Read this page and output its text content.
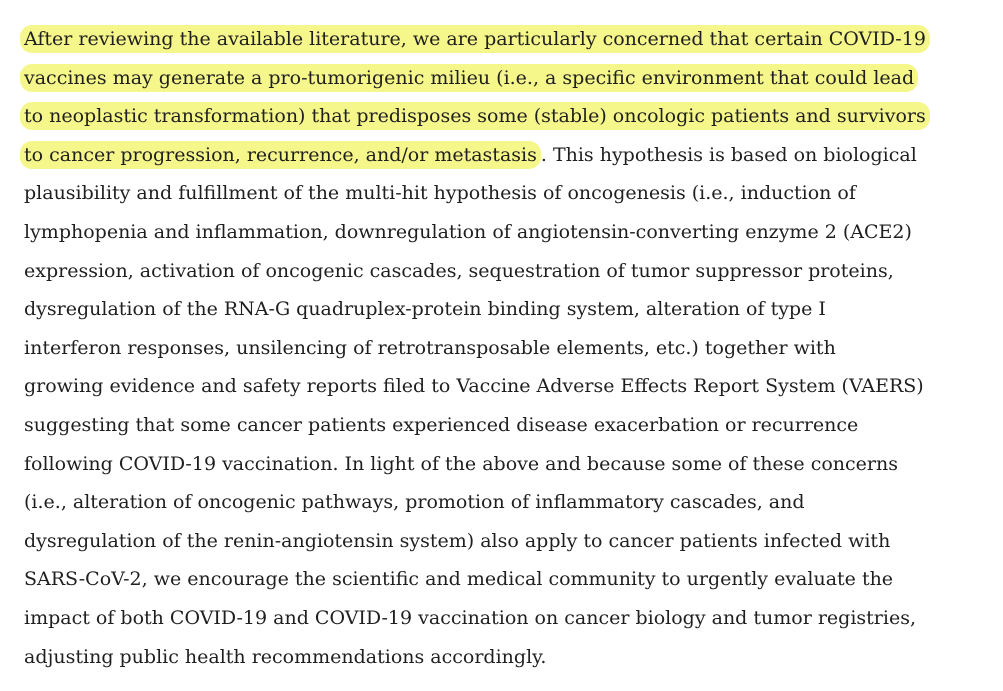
After reviewing the available literature, we are particularly concerned that certain COVID-19
vaccines may generate a pro-tumorigenic milieu (i.e., a specific environment that could lead
to neoplastic transformation) that predisposes some (stable) oncologic patients and survivors
to cancer progression, recurrence, and/or metastasis . This hypothesis is based on biological
plausibility and fulfillment of the multi-hit hypothesis of oncogenesis (i.e., induction of
lymphopenia and inflammation, downregulation of angiotensin-converting enzyme 2 (ACE2)
expression, activation of oncogenic cascades, sequestration of tumor suppressor proteins,
dysregulation of the RNA-G quadruplex-protein binding system, alteration of type I
interferon responses, unsilencing of retrotransposable elements, etc.) together with
growing evidence and safety reports filed to Vaccine Adverse Effects Report System (VAERS)
suggesting that some cancer patients experienced disease exacerbation or recurrence
following COVID-19 vaccination. In light of the above and because some of these concerns
(i.e., alteration of oncogenic pathways, promotion of inflammatory cascades, and
dysregulation of the renin-angiotensin system) also apply to cancer patients infected with
SARS-CoV-2, we encourage the scientific and medical community to urgently evaluate the
impact of both COVID-19 and COVID-19 vaccination on cancer biology and tumor registries,
adjusting public health recommendations accordingly.
